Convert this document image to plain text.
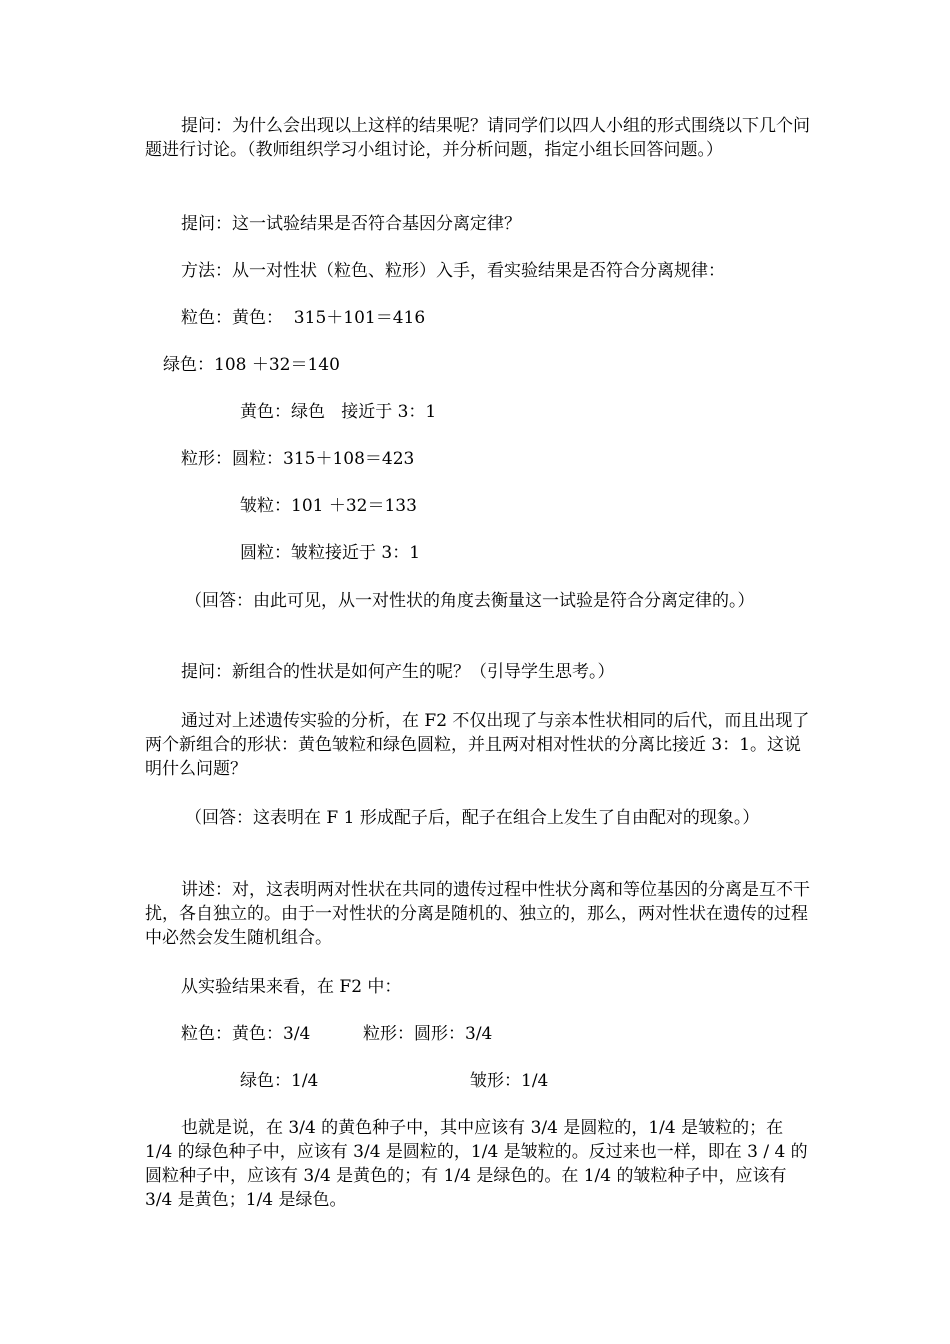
提问：为什么会出现以上这样的结果呢？请同学们以四人小组的形式围绕以下几个问题进行讨论。（教师组织学习小组讨论，并分析问题，指定小组长回答问题。）

提问：这一试验结果是否符合基因分离定律？

方法：从一对性状（粒色、粒形）入手，看实验结果是否符合分离规律：

粒色：黄色：  315＋101＝416

绿色：108 ＋32＝140

黄色：绿色   接近于 3：1

粒形：圆粒：315＋108＝423

皱粒：101 ＋32＝133

圆粒：皱粒接近于 3：1

（回答：由此可见，从一对性状的角度去衡量这一试验是符合分离定律的。）

提问：新组合的性状是如何产生的呢？（引导学生思考。）

通过对上述遗传实验的分析，在 F2 不仅出现了与亲本性状相同的后代，而且出现了两个新组合的形状：黄色皱粒和绿色圆粒，并且两对相对性状的分离比接近 3：1。这说明什么问题？

（回答：这表明在 F 1 形成配子后，配子在组合上发生了自由配对的现象。）

讲述：对，这表明两对性状在共同的遗传过程中性状分离和等位基因的分离是互不干扰，各自独立的。由于一对性状的分离是随机的、独立的，那么，两对性状在遗传的过程中必然会发生随机组合。

从实验结果来看，在 F2 中：

粒色：黄色：3/4	粒形：圆形：3/4

绿色：1/4	皱形：1/4

也就是说，在 3/4 的黄色种子中，其中应该有 3/4 是圆粒的，1/4 是皱粒的；在 1/4 的绿色种子中，应该有 3/4 是圆粒的，1/4 是皱粒的。反过来也一样，即在 3 / 4 的圆粒种子中，应该有 3/4 是黄色的；有 1/4 是绿色的。在 1/4 的皱粒种子中，应该有 3/4 是黄色；1/4 是绿色。
